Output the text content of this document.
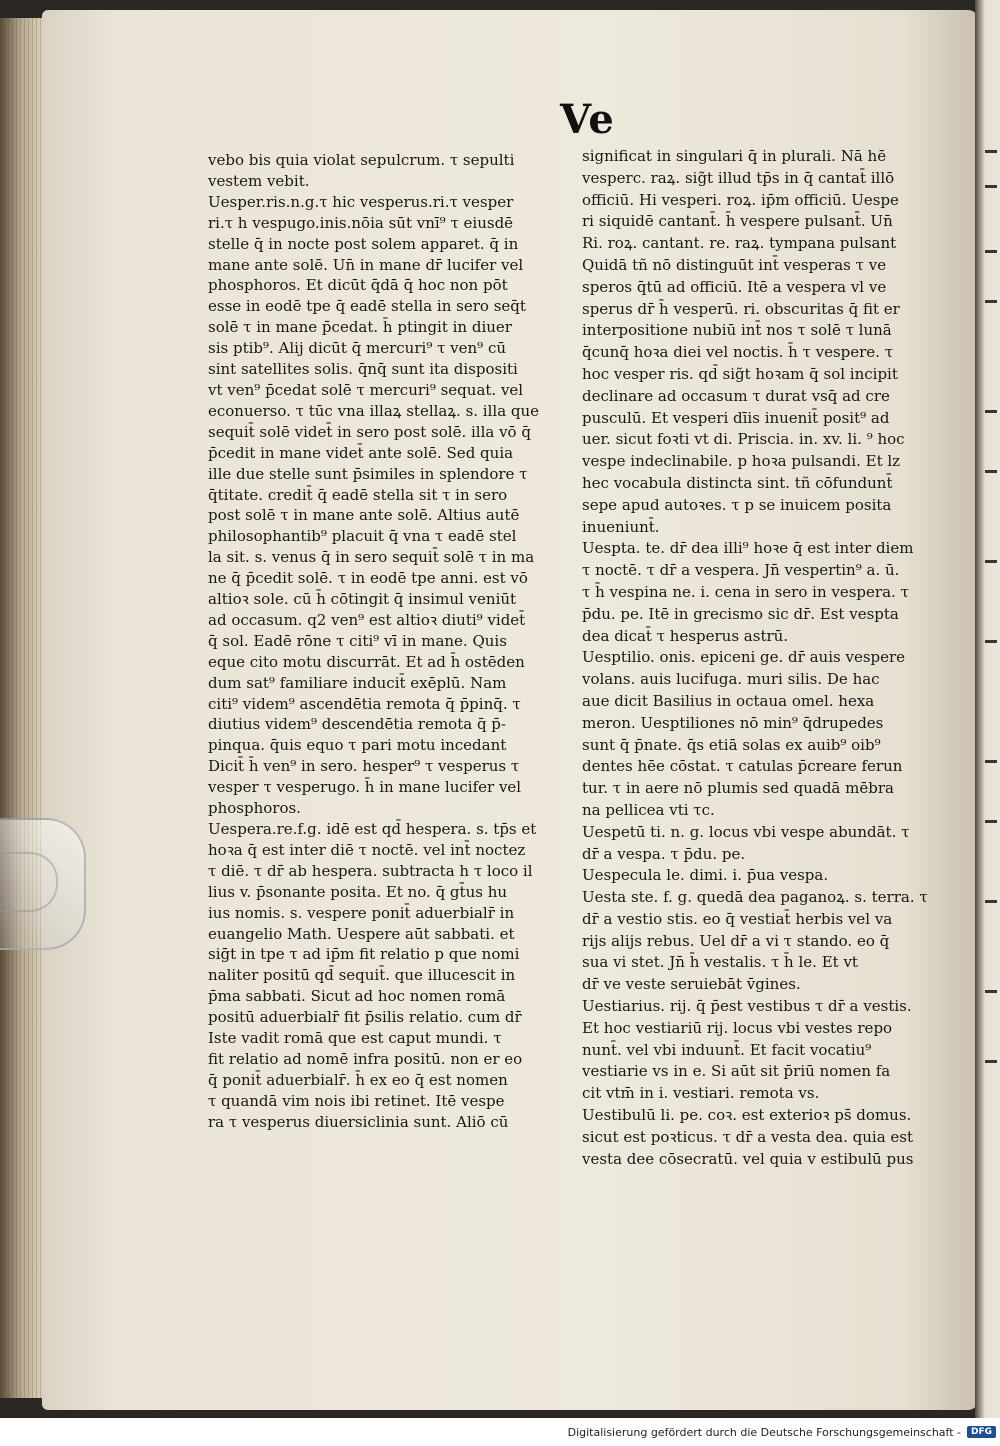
Ve
vebo bis quia violat sepulcrum. τ sepulti
vestem vebit.
Uesper.ris.n.g.τ hic vesperus.ri.τ vesper
ri.τ h vespugo.inis.nōia sūt vnī⁹ τ eiusdē
stelle q̄ in nocte post solem apparet. q̄ in
mane ante solē. Un̄ in mane dr̄ lucifer vel
phosphoros. Et dicūt q̄dā q̄ hoc non pōt
esse in eodē tpe q̄ eadē stella in sero seq̄t
solē τ in mane p̄cedat. h̄ ptingit in diuer
sis ptib⁹. Alij dicūt q̄ mercuri⁹ τ ven⁹ cū
sint satellites solis. q̄nq̄ sunt ita dispositi
vt ven⁹ p̄cedat solē τ mercuri⁹ sequat. vel
econuerso. τ tūc vna illaꝝ stellaꝝ. s. illa que
sequit̄ solē videt̄ in sero post solē. illa vō q̄
p̄cedit in mane videt̄ ante solē. Sed quia
ille due stelle sunt p̄similes in splendore τ
q̄titate. credit̄ q̄ eadē stella sit τ in sero
post solē τ in mane ante solē. Altius autē
philosophantib⁹ placuit q̄ vna τ eadē stel
la sit. s. venus q̄ in sero sequit̄ solē τ in ma
ne q̄ p̄cedit solē. τ in eodē tpe anni. est vō
altioꝛ sole. cū h̄ cōtingit q̄ insimul veniūt
ad occasum. q2 ven⁹ est altioꝛ diuti⁹ videt̄
q̄ sol. Eadē rōne τ citi⁹ vī in mane. Quis
eque cito motu discurrāt. Et ad h̄ ostēden
dum sat⁹ familiare inducit̄ exēplū. Nam
citi⁹ videm⁹ ascendētia remota q̄ p̄pinq̄. τ
diutius videm⁹ descendētia remota q̄ p̄-
pinqua. q̄uis equo τ pari motu incedant
Dicit̄ h̄ ven⁹ in sero. hesper⁹ τ vesperus τ
vesper τ vesperugo. h̄ in mane lucifer vel
phosphoros.
Uespera.re.f.g. idē est qd̄ hespera. s. tp̄s et
hoꝛa q̄ est inter diē τ noctē. vel int̄ noctez
τ diē. τ dr̄ ab hespera. subtracta h τ loco il
lius v. p̄sonante posita. Et no. q̄ gt̄us hu
ius nomis. s. vespere ponit̄ aduerbialr̄ in
euangelio Math. Uespere aūt sabbati. et
siḡt in tpe τ ad ip̄m fit relatio p que nomi
naliter positū qd̄ sequit̄. que illucescit in
p̄ma sabbati. Sicut ad hoc nomen romā
positū aduerbialr̄ fit p̄silis relatio. cum dr̄
Iste vadit romā que est caput mundi. τ
fit relatio ad nomē infra positū. non er eo
q̄ ponit̄ aduerbialr̄. h̄ ex eo q̄ est nomen
τ quandā vim nois ibi retinet. Itē vespe
ra τ vesperus diuersiclinia sunt. Aliō cū
significat in singulari q̄ in plurali. Nā hē
vesperc. raꝝ. sig̃t illud tp̄s in q̄ cantat̄ illō
officiū. Hi vesperi. roꝝ. ip̄m officiū. Uespe
ri siquidē cantant̄. h̄ vespere pulsant̄. Un̄
Ri. roꝝ. cantant. re. raꝝ. tympana pulsant
Quidā tñ nō distinguūt int̄ vesperas τ ve
speros q̄tū ad officiū. Itē a vespera vl ve
sperus dr̄ h̄ vesperū. ri. obscuritas q̄ fit er
interpositione nubiū int̄ nos τ solē τ lunā
q̄cunq̄ hoꝛa diei vel noctis. h̄ τ vespere. τ
hoc vesper ris. qd̄ sig̃t hoꝛam q̄ sol incipit
declinare ad occasum τ durat vsq̄ ad cre
pusculū. Et vesperi dīis inuenit̄ posit⁹ ad
uer. sicut foꝛti vt di. Priscia. in. xv. li. ⁹ hoc
vespe indeclinabile. p hoꝛa pulsandi. Et lz
hec vocabula distincta sint. tñ cōfundunt̄
sepe apud autoꝛes. τ p se inuicem posita
inueniunt̄.
Uespta. te. dr̄ dea illi⁹ hoꝛe q̄ est inter diem
τ noctē. τ dr̄ a vespera. Jn̄ vespertin⁹ a. ū.
τ h̄ vespina ne. i. cena in sero in vespera. τ
p̄du. pe. Itē in grecismo sic dr̄. Est vespta
dea dicat̄ τ hesperus astrū.
Uesptilio. onis. epiceni ge. dr̄ auis vespere
volans. auis lucifuga. muri silis. De hac
aue dicit Basilius in octaua omel. hexa
meron. Uesptiliones nō min⁹ q̄drupedes
sunt q̄ p̄nate. q̄s etiā solas ex auib⁹ oib⁹
dentes hēe cōstat. τ catulas p̄creare ferun
tur. τ in aere nō plumis sed quadā mēbra
na pellicea vti τc.
Uespetū ti. n. g. locus vbi vespe abundāt. τ
dr̄ a vespa. τ p̄du. pe.
Uespecula le. dimi. i. p̄ua vespa.
Uesta ste. f. g. quedā dea paganoꝝ. s. terra. τ
dr̄ a vestio stis. eo q̄ vestiat̄ herbis vel va
rijs alijs rebus. Uel dr̄ a vi τ stando. eo q̄
sua vi stet. Jn̄ h̄ vestalis. τ h̄ le. Et vt
dr̄ ve veste seruiebāt v̄gines.
Uestiarius. rij. q̄ p̄est vestibus τ dr̄ a vestis.
Et hoc vestiariū rij. locus vbi vestes repo
nunt̄. vel vbi induunt̄. Et facit vocatiu⁹
vestiarie vs in e. Si aūt sit p̄riū nomen fa
cit vtm̄ in i. vestiari. remota vs.
Uestibulū li. pe. coꝛ. est exterioꝛ ps̄ domus.
sicut est poꝛticus. τ dr̄ a vesta dea. quia est
vesta dee cōsecratū. vel quia v estibulū pus
Digitalisierung gefördert durch die Deutsche Forschungsgemeinschaft -	DFG
